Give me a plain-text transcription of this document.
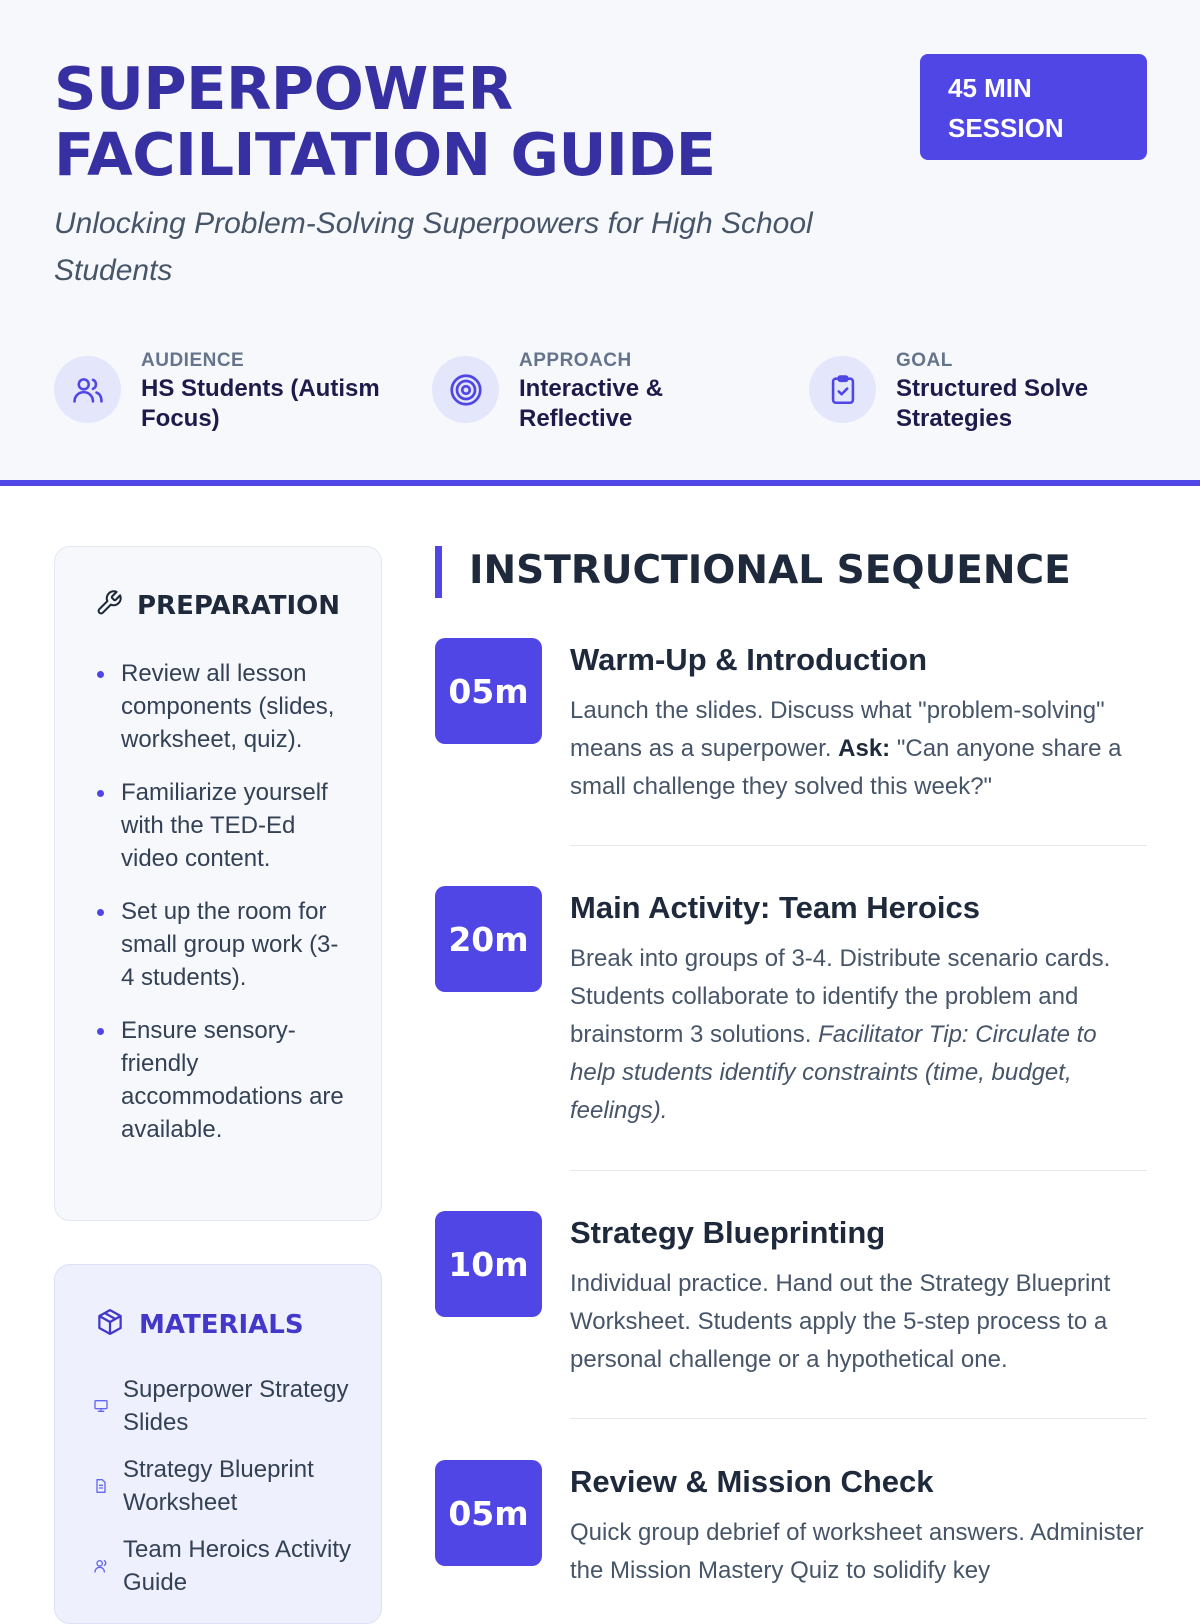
SUPERPOWER FACILITATION GUIDE
45 MIN SESSION

Unlocking Problem-Solving Superpowers for High School Students

AUDIENCE
HS Students (Autism Focus)
APPROACH
Interactive & Reflective
GOAL
Structured Solve Strategies
PREPARATION
Review all lesson components (slides, worksheet, quiz).
Familiarize yourself with the TED-Ed video content.
Set up the room for small group work (3-4 students).
Ensure sensory-friendly accommodations are available.
MATERIALS
Superpower Strategy Slides
Strategy Blueprint Worksheet
Team Heroics Activity Guide
INSTRUCTIONAL SEQUENCE
05m
Warm-Up & Introduction

Launch the slides. Discuss what "problem-solving" means as a superpower. Ask: "Can anyone share a small challenge they solved this week?"

20m
Main Activity: Team Heroics

Break into groups of 3-4. Distribute scenario cards. Students collaborate to identify the problem and brainstorm 3 solutions. Facilitator Tip: Circulate to help students identify constraints (time, budget, feelings).

10m
Strategy Blueprinting

Individual practice. Hand out the Strategy Blueprint Worksheet. Students apply the 5-step process to a personal challenge or a hypothetical one.

05m
Review & Mission Check

Quick group debrief of worksheet answers. Administer the Mission Mastery Quiz to solidify key
